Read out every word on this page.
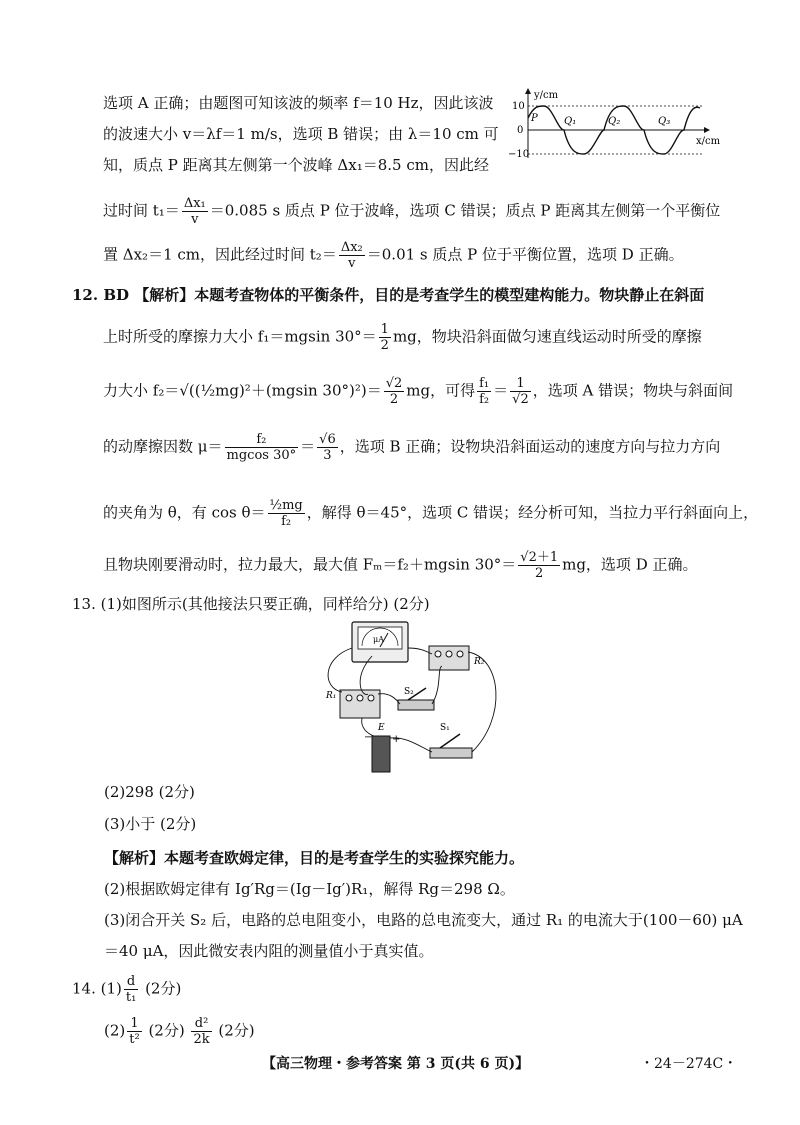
选项 A 正确；由题图可知该波的频率 f＝10 Hz，因此该波
的波速大小 v＝λf＝1 m/s，选项 B 错误；由 λ＝10 cm 可
知，质点 P 距离其左侧第一个波峰 Δx₁＝8.5 cm，因此经
过时间 $t_1= \frac{\text{Δx₁}}{v} =0.085$ s 质点 P 位于波峰，选项 C 错误；质点 P 距离其左侧第一个平衡位
置 Δx₂＝1 cm，因此经过时间 $t_2= \frac{\text{Δx₂}}{v} =0.01$ s 质点 P 位于平衡位置，选项 D 正确。
y/cm
x/cm
10
0
−10
P	Q₁	Q₂	Q₃
12. BD 【解析】本题考查物体的平衡条件，目的是考查学生的模型建构能力。物块静止在斜面
上时所受的摩擦力大小 f₁＝mgsin $30^\circ= \frac{1}{2}$ mg，物块沿斜面做匀速直线运动时所受的摩擦
力大小 f₂＝√((½mg)²＋(mgsin $30^\circ)^2)= \frac{√2}{2}$ mg，可得 $\frac{\text{f₁}}{\text{f₂}} = \frac{1}{√2}$ ，选项 A 错误；物块与斜面间
的动摩擦因数 $\mu= \frac{\text{f₂}}{mgcos 30^\circ} = \frac{√6}{3}$ ，选项 B 正确；设物块沿斜面运动的速度方向与拉力方向
的夹角为 θ，有 $\cos \theta= \frac{\text{½mg}}{\text{f₂}}$ ，解得 θ＝45°，选项 C 错误；经分析可知，当拉力平行斜面向上，
且物块刚要滑动时，拉力最大，最大值 Fₘ＝f₂＋mgsin $30^\circ= \frac{√2+1}{2}$ mg，选项 D 正确。
13. (1)如图所示(其他接法只要正确，同样给分) (2分)
μA
R₂
R₁	S₂
S₁
E
− +
(2)298 (2分)
(3)小于 (2分)
【解析】本题考查欧姆定律，目的是考查学生的实验探究能力。
(2)根据欧姆定律有 Ig′Rg＝(Ig－Ig′)R₁，解得 Rg＝298 Ω。
(3)闭合开关 S₂ 后，电路的总电阻变小，电路的总电流变大，通过 R₁ 的电流大于(100－60) μA
＝40 μA，因此微安表内阻的测量值小于真实值。
14. $(1) \frac{d}{\text{t₁}} (2$分)
$(2) \frac{1}{\text{t²}} (2$分) $\frac{\text{d²}}{2k} (2$分)
【高三物理・参考答案 第 3 页(共 6 页)】	・24－274C・
